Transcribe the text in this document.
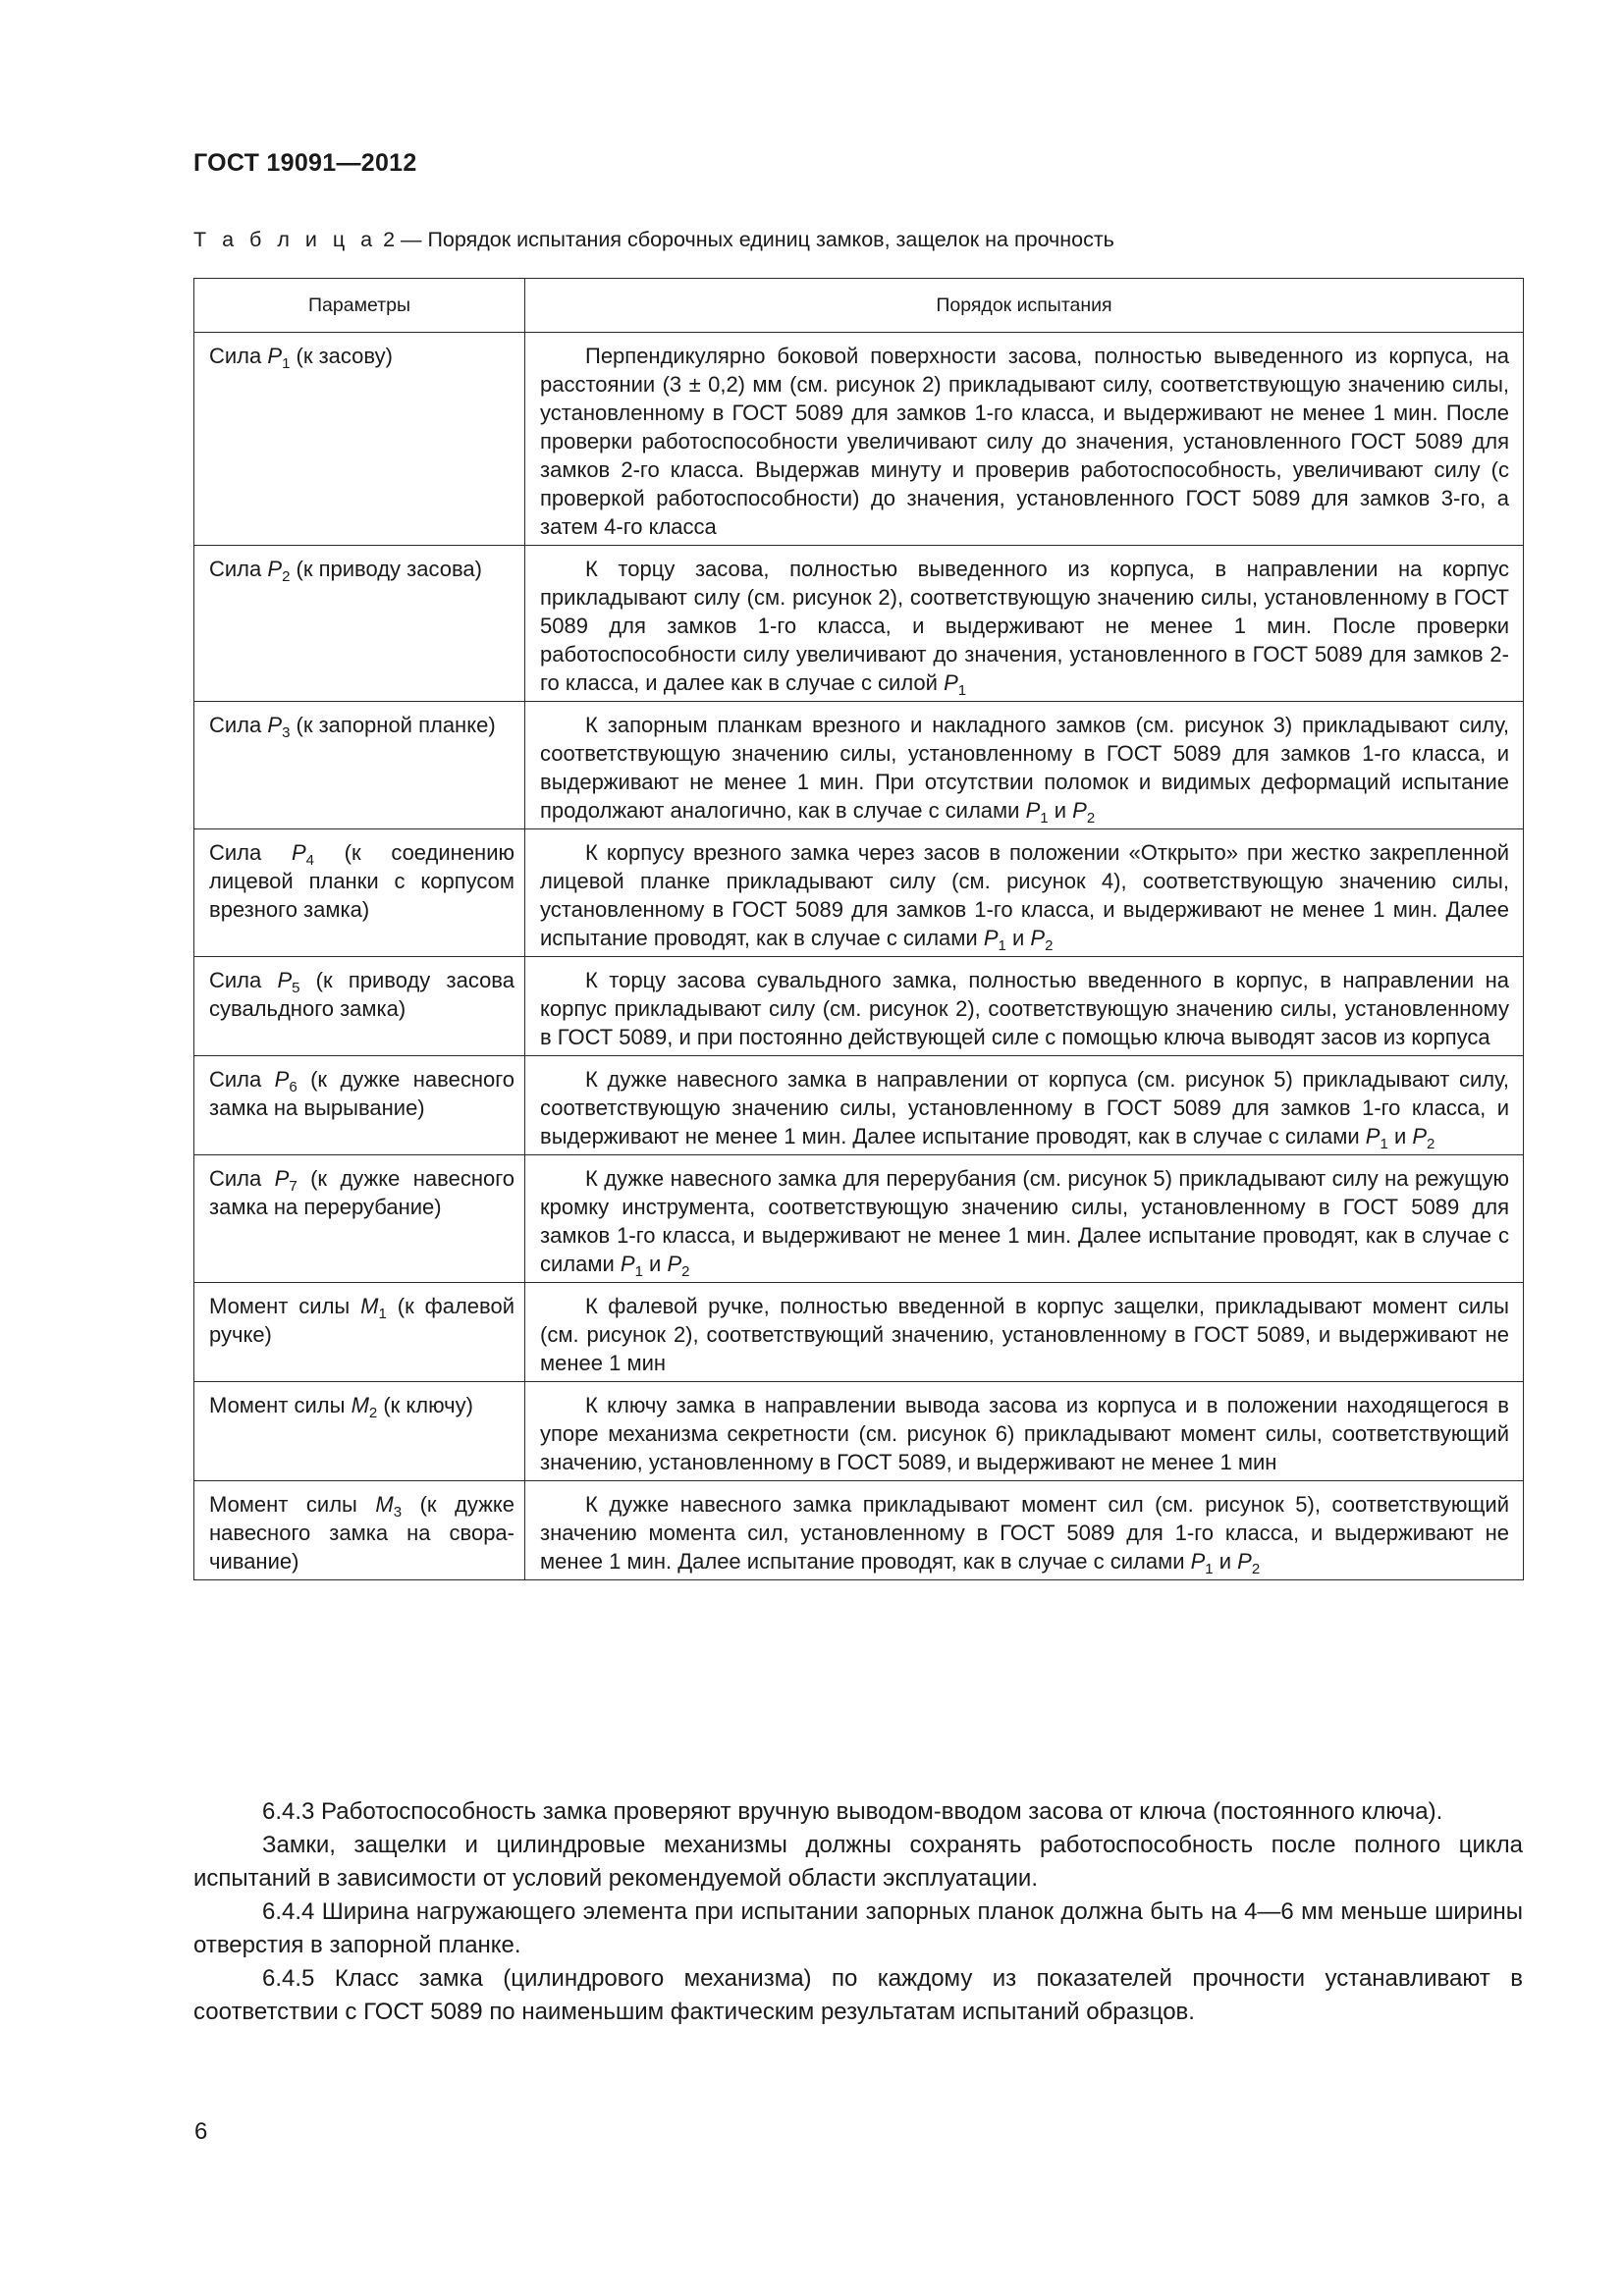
ГОСТ 19091—2012
Т а б л и ц а 2 — Порядок испытания сборочных единиц замков, защелок на прочность
Параметры	Порядок испытания
Сила $P_1$ (к засову)	Перпендикулярно боковой поверхности засова, полностью выведенного из корпуса, на расстоянии (3 ± 0,2) мм (см. рисунок 2) прикладывают силу, соответствующую значению силы, установленному в ГОСТ 5089 для замков 1-го класса, и выдерживают не менее 1 мин. После проверки работоспособности увеличивают силу до значения, установленного ГОСТ 5089 для замков 2-го класса. Выдержав минуту и проверив работоспособность, увеличивают силу (с проверкой работоспособности) до значения, установленного ГОСТ 5089 для замков 3-го, а затем 4-го класса
Сила $P_2$ (к приводу засова)	К торцу засова, полностью выведенного из корпуса, в направлении на корпус прикладывают силу (см. рисунок 2), соответствующую значению силы, установленному в ГОСТ 5089 для замков 1-го класса, и выдерживают не менее 1 мин. После проверки работоспособности силу увеличивают до значения, установленного в ГОСТ 5089 для замков 2-го класса, и далее как в случае с силой $P_1$
Сила $P_3$ (к запорной планке)	К запорным планкам врезного и накладного замков (см. рисунок 3) прикладывают силу, соответствующую значению силы, установленному в ГОСТ 5089 для замков 1-го класса, и выдерживают не менее 1 мин. При отсутствии поломок и видимых деформаций испытание продолжают аналогично, как в случае с силами $P_1$ и $P_2$
Сила $P_4$ (к соединению лицевой планки с корпусом врезного замка)	К корпусу врезного замка через засов в положении «Открыто» при жестко закрепленной лицевой планке прикладывают силу (см. рисунок 4), соответствующую значению силы, установленному в ГОСТ 5089 для замков 1-го класса, и выдерживают не менее 1 мин. Далее испытание проводят, как в случае с силами $P_1$ и $P_2$
Сила $P_5$ (к приводу засова сувальдного замка)	К торцу засова сувальдного замка, полностью введенного в корпус, в направлении на корпус прикладывают силу (см. рисунок 2), соответствующую значению силы, установленному в ГОСТ 5089, и при постоянно действующей силе с помощью ключа выводят засов из корпуса
Сила $P_6$ (к дужке навесного замка на вырывание)	К дужке навесного замка в направлении от корпуса (см. рисунок 5) прикладывают силу, соответствующую значению силы, установленному в ГОСТ 5089 для замков 1-го класса, и выдерживают не менее 1 мин. Далее испытание проводят, как в случае с силами $P_1$ и $P_2$
Сила $P_7$ (к дужке навесного замка на перерубание)	К дужке навесного замка для перерубания (см. рисунок 5) прикладывают силу на режущую кромку инструмента, соответствующую значению силы, установленному в ГОСТ 5089 для замков 1-го класса, и выдерживают не менее 1 мин. Далее испытание проводят, как в случае с силами $P_1$ и $P_2$
Момент силы $M_1$ (к фалевой ручке)	К фалевой ручке, полностью введенной в корпус защелки, прикладывают момент силы (см. рисунок 2), соответствующий значению, установленному в ГОСТ 5089, и выдерживают не менее 1 мин
Момент силы $M_2$ (к ключу)	К ключу замка в направлении вывода засова из корпуса и в положении находящегося в упоре механизма секретности (см. рисунок 6) прикладывают момент силы, соответствующий значению, установленному в ГОСТ 5089, и выдерживают не менее 1 мин
Момент силы $M_3$ (к дужке навесного замка на сворачивание)	К дужке навесного замка прикладывают момент сил (см. рисунок 5), соответствующий значению момента сил, установленному в ГОСТ 5089 для 1-го класса, и выдерживают не менее 1 мин. Далее испытание проводят, как в случае с силами $P_1$ и $P_2$

6.4.3 Работоспособность замка проверяют вручную выводом-вводом засова от ключа (постоянного ключа).

Замки, защелки и цилиндровые механизмы должны сохранять работоспособность после полного цикла испытаний в зависимости от условий рекомендуемой области эксплуатации.

6.4.4 Ширина нагружающего элемента при испытании запорных планок должна быть на 4—6 мм меньше ширины отверстия в запорной планке.

6.4.5 Класс замка (цилиндрового механизма) по каждому из показателей прочности устанавливают в соответствии с ГОСТ 5089 по наименьшим фактическим результатам испытаний образцов.

6
